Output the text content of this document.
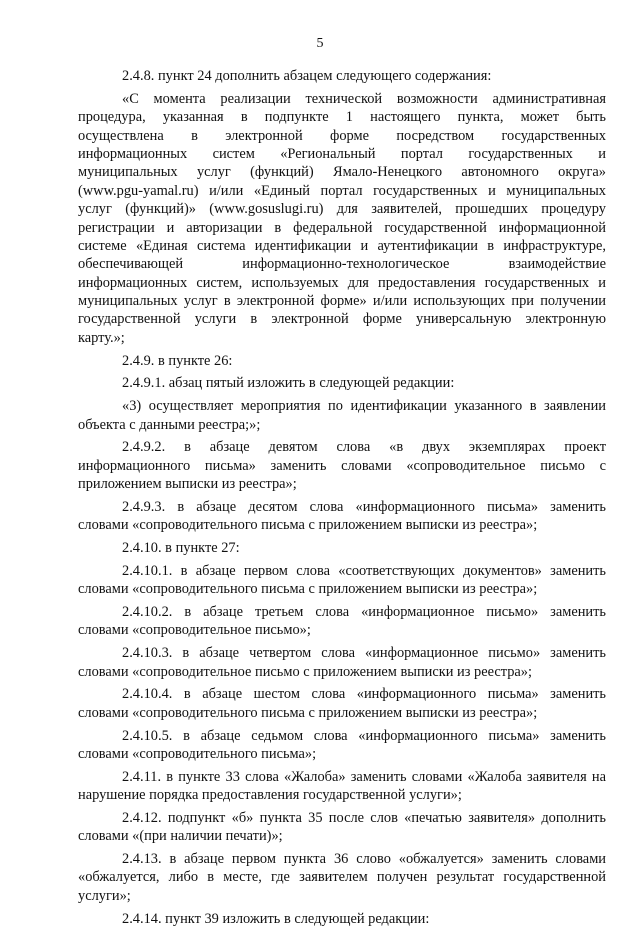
5
2.4.8. пункт 24 дополнить абзацем следующего содержания:
«С момента реализации технической возможности административная
процедура, указанная в подпункте 1 настоящего пункта, может быть
осуществлена в электронной форме посредством государственных
информационных систем «Региональный портал государственных и
муниципальных услуг (функций) Ямало-Ненецкого автономного округа»
(www.pgu-yamal.ru) и/или «Единый портал государственных и муниципальных
услуг (функций)» (www.gosuslugi.ru) для заявителей, прошедших процедуру
регистрации и авторизации в федеральной государственной информационной
системе «Единая система идентификации и аутентификации в инфраструктуре,
обеспечивающей информационно-технологическое взаимодействие
информационных систем, используемых для предоставления государственных и
муниципальных услуг в электронной форме» и/или использующих при получении
государственной услуги в электронной форме универсальную электронную
карту.»;
2.4.9. в пункте 26:
2.4.9.1. абзац пятый изложить в следующей редакции:
«3) осуществляет мероприятия по идентификации указанного в заявлении
объекта с данными реестра;»;
2.4.9.2. в абзаце девятом слова «в двух экземплярах проект
информационного письма» заменить словами «сопроводительное письмо с
приложением выписки из реестра»;
2.4.9.3. в абзаце десятом слова «информационного письма» заменить
словами «сопроводительного письма с приложением выписки из реестра»;
2.4.10. в пункте 27:
2.4.10.1. в абзаце первом слова «соответствующих документов» заменить
словами «сопроводительного письма с приложением выписки из реестра»;
2.4.10.2. в абзаце третьем слова «информационное письмо» заменить
словами «сопроводительное письмо»;
2.4.10.3. в абзаце четвертом слова «информационное письмо» заменить
словами «сопроводительное письмо с приложением выписки из реестра»;
2.4.10.4. в абзаце шестом слова «информационного письма» заменить
словами «сопроводительного письма с приложением выписки из реестра»;
2.4.10.5. в абзаце седьмом слова «информационного письма» заменить
словами «сопроводительного письма»;
2.4.11. в пункте 33 слова «Жалоба» заменить словами «Жалоба заявителя на
нарушение порядка предоставления государственной услуги»;
2.4.12. подпункт «б» пункта 35 после слов «печатью заявителя» дополнить
словами «(при наличии печати)»;
2.4.13. в абзаце первом пункта 36 слово «обжалуется» заменить словами
«обжалуется, либо в месте, где заявителем получен результат государственной
услуги»;
2.4.14. пункт 39 изложить в следующей редакции:
